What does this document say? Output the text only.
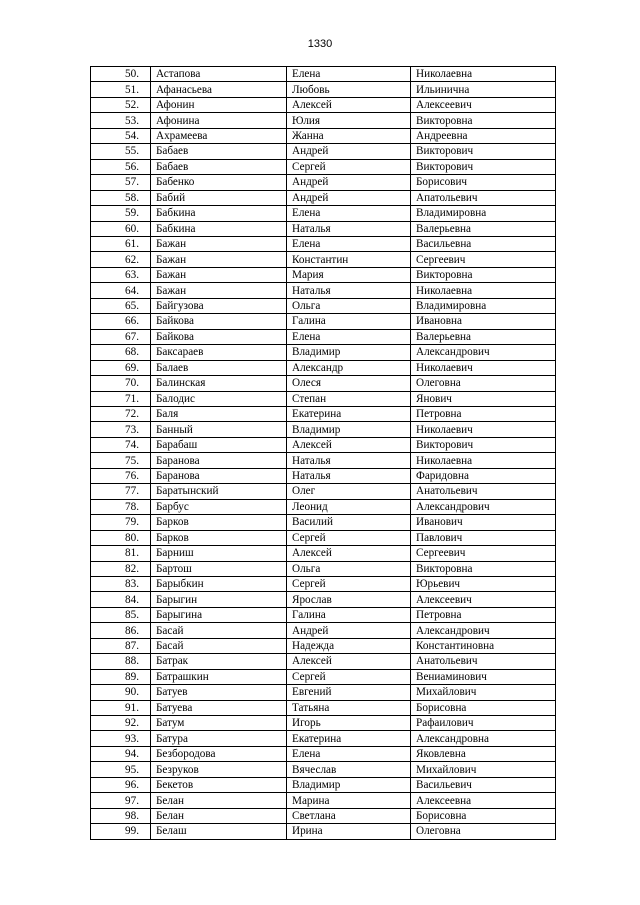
1330
50.	Астапова	Елена	Николаевна
51.	Афанасьева	Любовь	Ильинична
52.	Афонин	Алексей	Алексеевич
53.	Афонина	Юлия	Викторовна
54.	Ахрамеева	Жанна	Андреевна
55.	Бабаев	Андрей	Викторович
56.	Бабаев	Сергей	Викторович
57.	Бабенко	Андрей	Борисович
58.	Бабий	Андрей	Апатольевич
59.	Бабкина	Елена	Владимировна
60.	Бабкина	Наталья	Валерьевна
61.	Бажан	Елена	Васильевна
62.	Бажан	Константин	Сергеевич
63.	Бажан	Мария	Викторовна
64.	Бажан	Наталья	Николаевна
65.	Байгузова	Ольга	Владимировна
66.	Байкова	Галина	Ивановна
67.	Байкова	Елена	Валерьевна
68.	Баксараев	Владимир	Александрович
69.	Балаев	Александр	Николаевич
70.	Балинская	Олеся	Олеговна
71.	Балодис	Степан	Янович
72.	Баля	Екатерина	Петровна
73.	Банный	Владимир	Николаевич
74.	Барабаш	Алексей	Викторович
75.	Баранова	Наталья	Николаевна
76.	Баранова	Наталья	Фаридовна
77.	Баратынский	Олег	Анатольевич
78.	Барбус	Леонид	Александрович
79.	Барков	Василий	Иванович
80.	Барков	Сергей	Павлович
81.	Барниш	Алексей	Сергеевич
82.	Бартош	Ольга	Викторовна
83.	Барыбкин	Сергей	Юрьевич
84.	Барыгин	Ярослав	Алексеевич
85.	Барыгина	Галина	Петровна
86.	Басай	Андрей	Александрович
87.	Басай	Надежда	Константиновна
88.	Батрак	Алексей	Анатольевич
89.	Батрашкин	Сергей	Вениаминович
90.	Батуев	Евгений	Михайлович
91.	Батуева	Татьяна	Борисовна
92.	Батум	Игорь	Рафаилович
93.	Батура	Екатерина	Александровна
94.	Безбородова	Елена	Яковлевна
95.	Безруков	Вячеслав	Михайлович
96.	Бекетов	Владимир	Васильевич
97.	Белан	Марина	Алексеевна
98.	Белан	Светлана	Борисовна
99.	Белаш	Ирина	Олеговна
